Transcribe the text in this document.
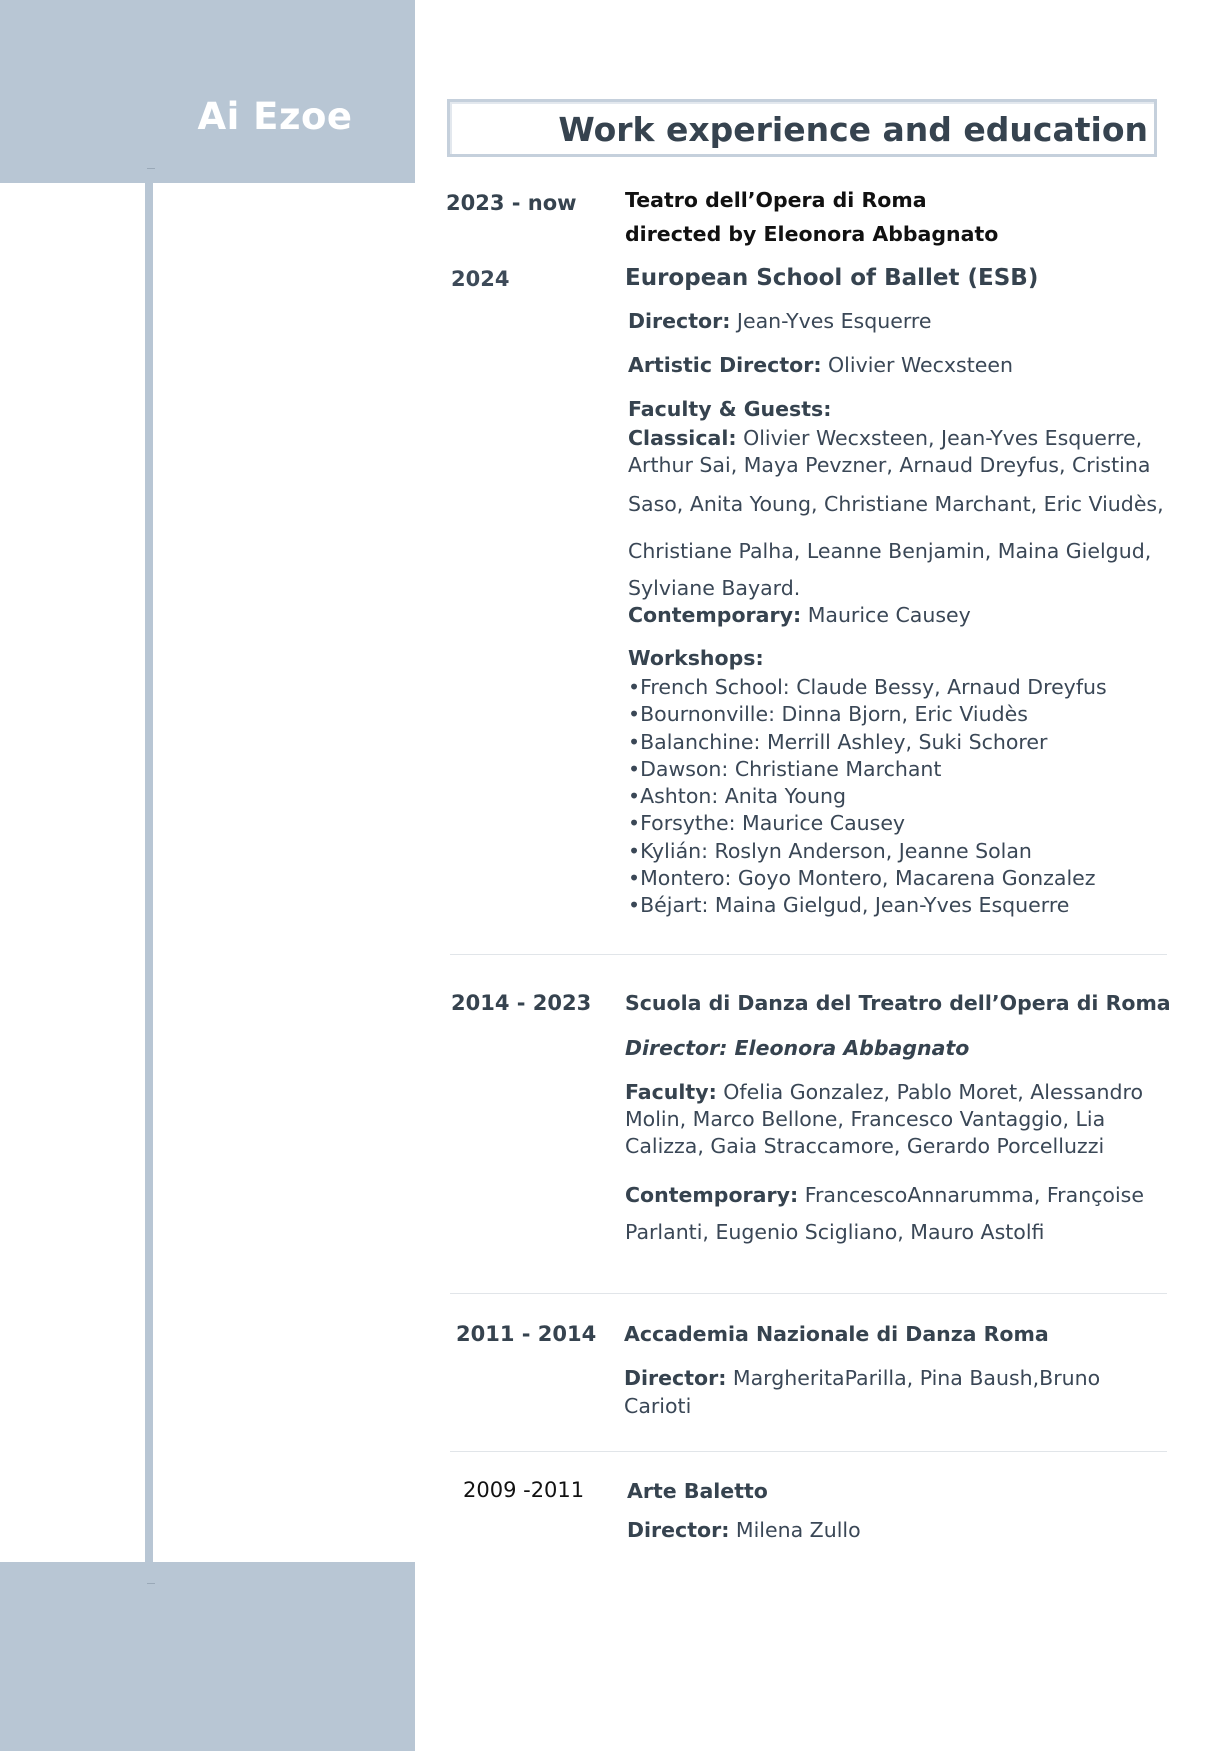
Ai Ezoe	Work experience and education
2023 - now Teatro dell’Opera di Roma
directed by Eleonora Abbagnato
2024	European School of Ballet (ESB)
Director: Jean-Yves Esquerre
Artistic Director: Olivier Wecxsteen
Faculty & Guests:
Classical: Olivier Wecxsteen, Jean-Yves Esquerre,
Arthur Sai, Maya Pevzner, Arnaud Dreyfus, Cristina
Saso, Anita Young, Christiane Marchant, Eric Viudès,
Christiane Palha, Leanne Benjamin, Maina Gielgud,
Sylviane Bayard.
Contemporary: Maurice Causey
Workshops:
•French School: Claude Bessy, Arnaud Dreyfus
•Bournonville: Dinna Bjorn, Eric Viudès
•Balanchine: Merrill Ashley, Suki Schorer
•Dawson: Christiane Marchant
•Ashton: Anita Young
•Forsythe: Maurice Causey
•Kylián: Roslyn Anderson, Jeanne Solan
•Montero: Goyo Montero, Macarena Gonzalez
•Béjart: Maina Gielgud, Jean-Yves Esquerre
2014 - 2023 Scuola di Danza del Treatro dell’Opera di Roma
Director: Eleonora Abbagnato
Faculty: Ofelia Gonzalez, Pablo Moret, Alessandro
Molin, Marco Bellone, Francesco Vantaggio, Lia
Calizza, Gaia Straccamore, Gerardo Porcelluzzi
Contemporary: FrancescoAnnarumma, Françoise
Parlanti, Eugenio Scigliano, Mauro Astolfi
2011 - 2014 Accademia Nazionale di Danza Roma
Director: MargheritaParilla, Pina Baush,Bruno
Carioti
2009 -2011 Arte Baletto
Director: Milena Zullo
